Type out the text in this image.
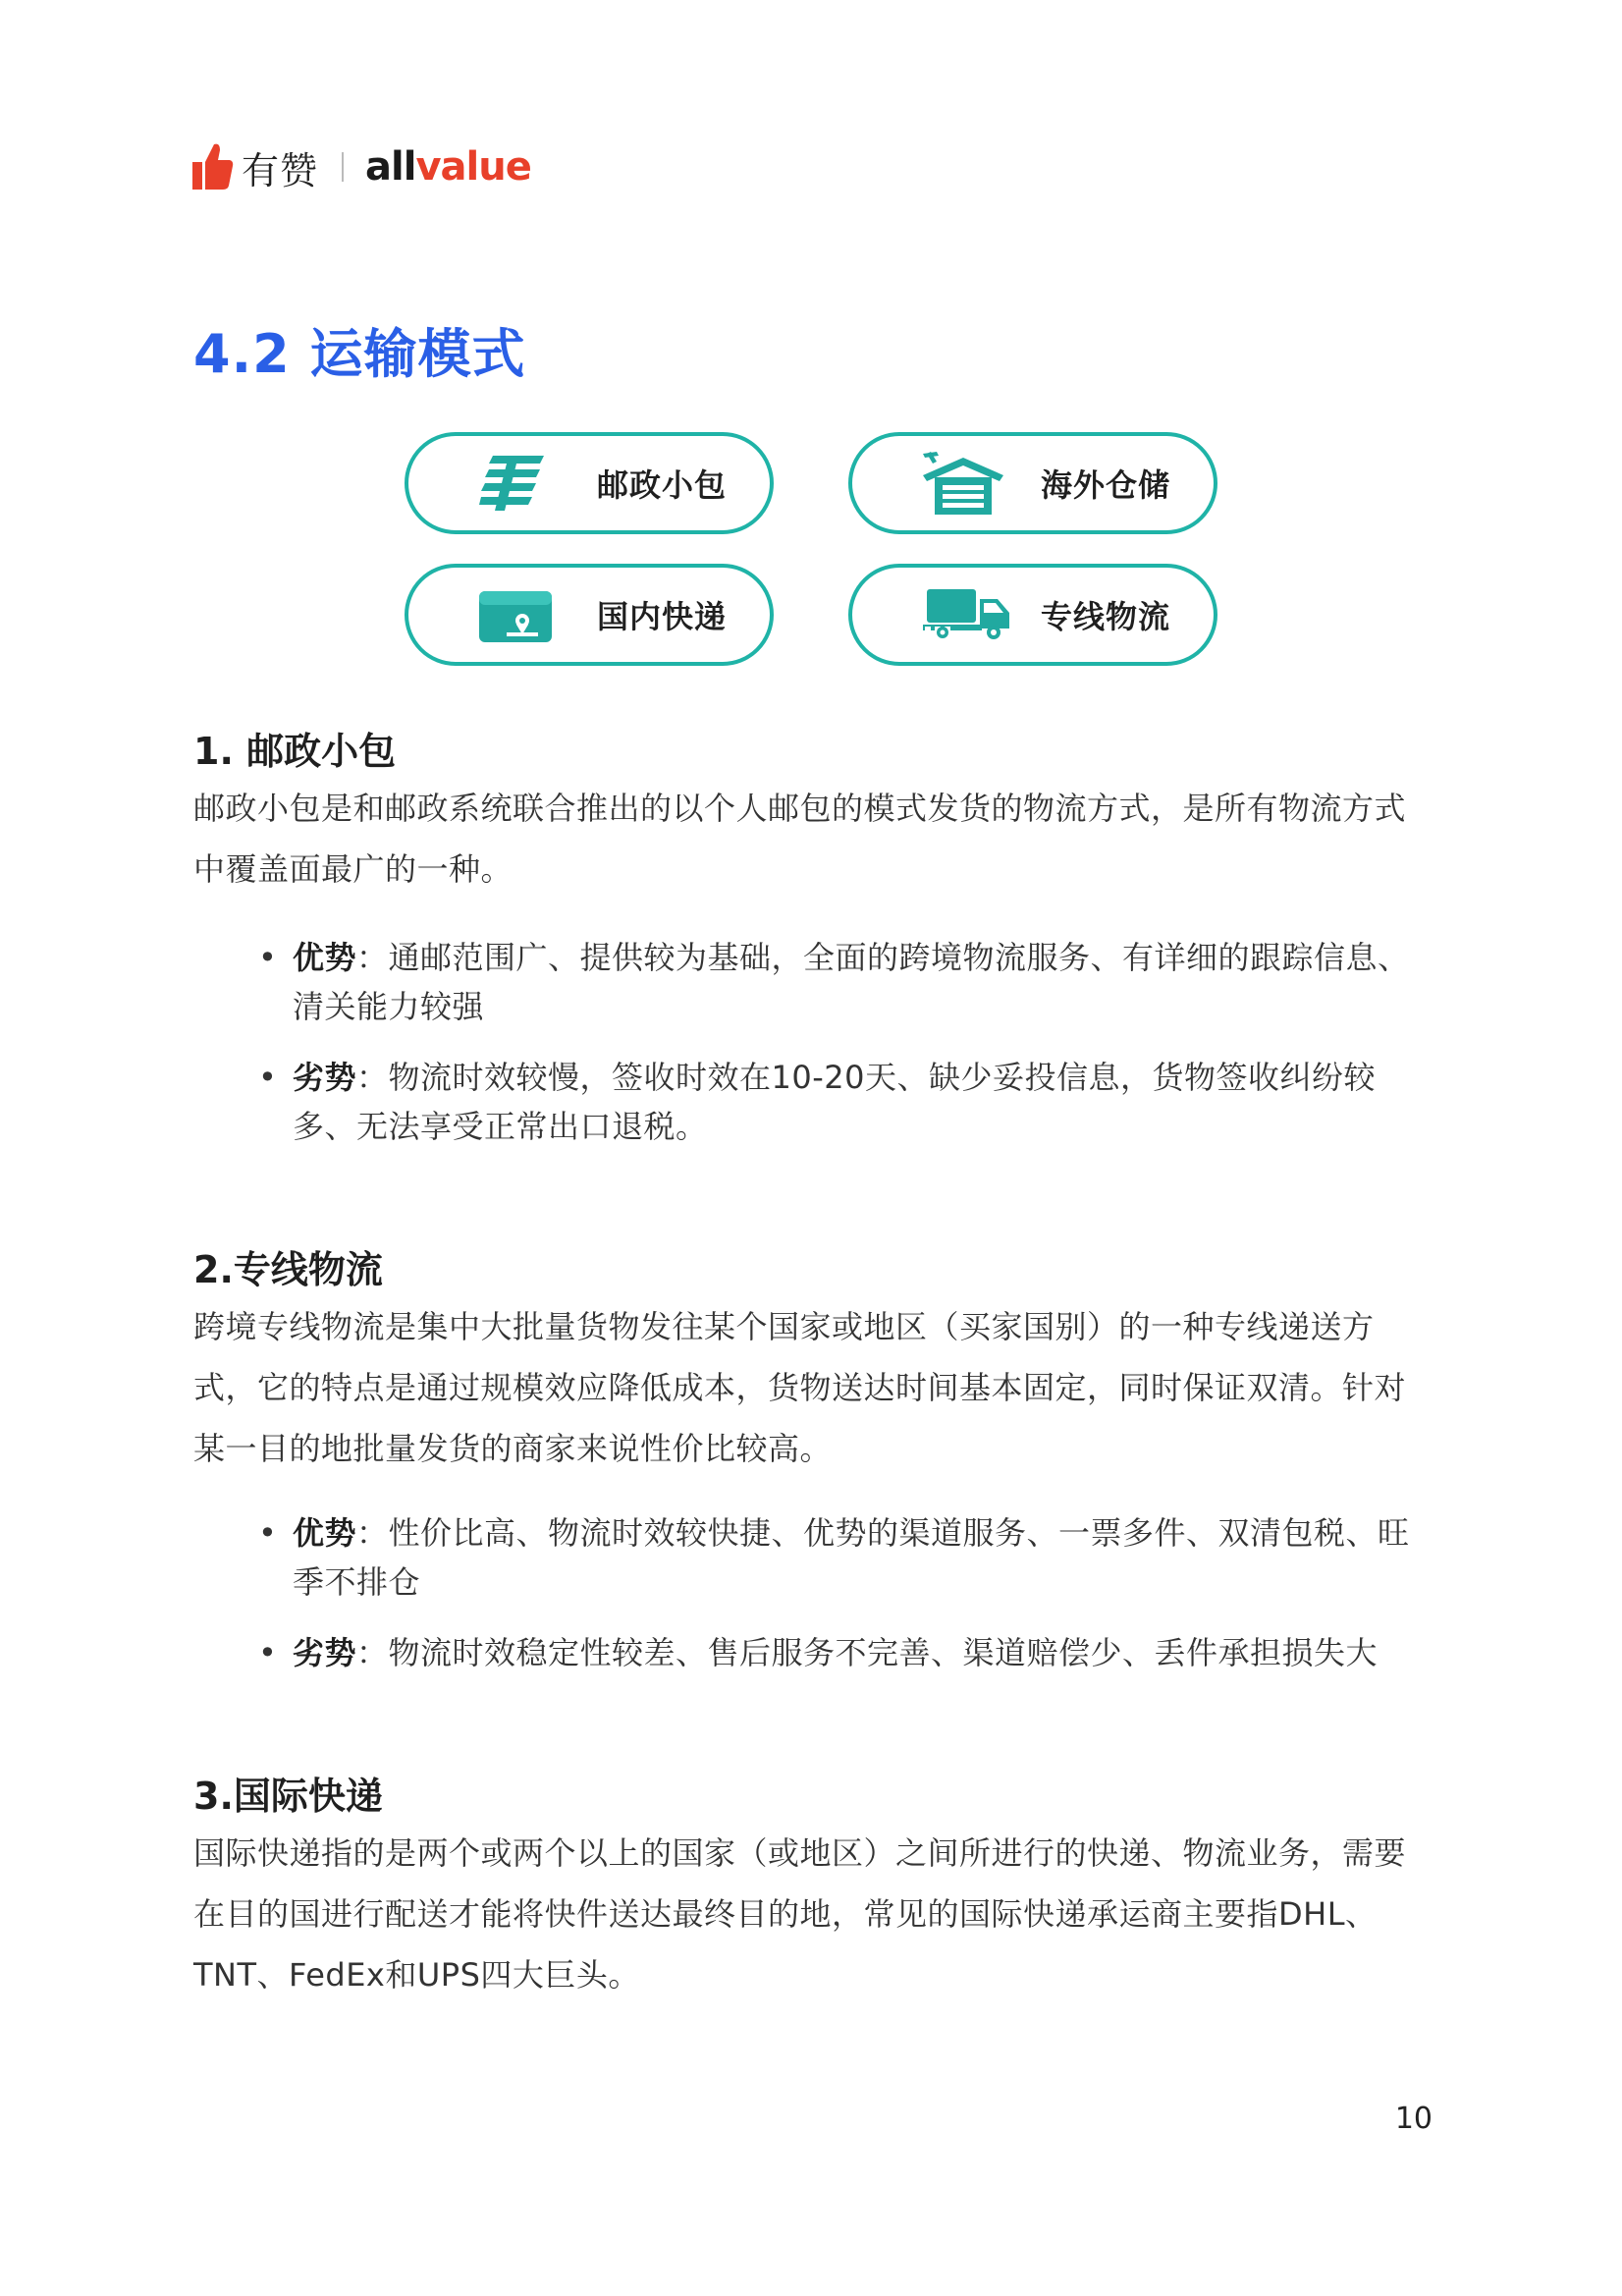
有赞 allvalue
4.2 运输模式
邮政小包	海外仓储
国内快递	专线物流
1. 邮政小包

邮政小包是和邮政系统联合推出的以个人邮包的模式发货的物流方式，是所有物流方式中覆盖面最广的一种。

• 优势：通邮范围广、提供较为基础，全面的跨境物流服务、有详细的跟踪信息、清关能力较强
• 劣势：物流时效较慢，签收时效在10-20天、缺少妥投信息，货物签收纠纷较多、无法享受正常出口退税。
2.专线物流

跨境专线物流是集中大批量货物发往某个国家或地区（买家国别）的一种专线递送方式，它的特点是通过规模效应降低成本，货物送达时间基本固定，同时保证双清。针对某一目的地批量发货的商家来说性价比较高。

• 优势：性价比高、物流时效较快捷、优势的渠道服务、一票多件、双清包税、旺季不排仓
• 劣势：物流时效稳定性较差、售后服务不完善、渠道赔偿少、丢件承担损失大
3.国际快递

国际快递指的是两个或两个以上的国家（或地区）之间所进行的快递、物流业务，需要在目的国进行配送才能将快件送达最终目的地，常见的国际快递承运商主要指DHL、TNT、FedEx和UPS四大巨头。

10
